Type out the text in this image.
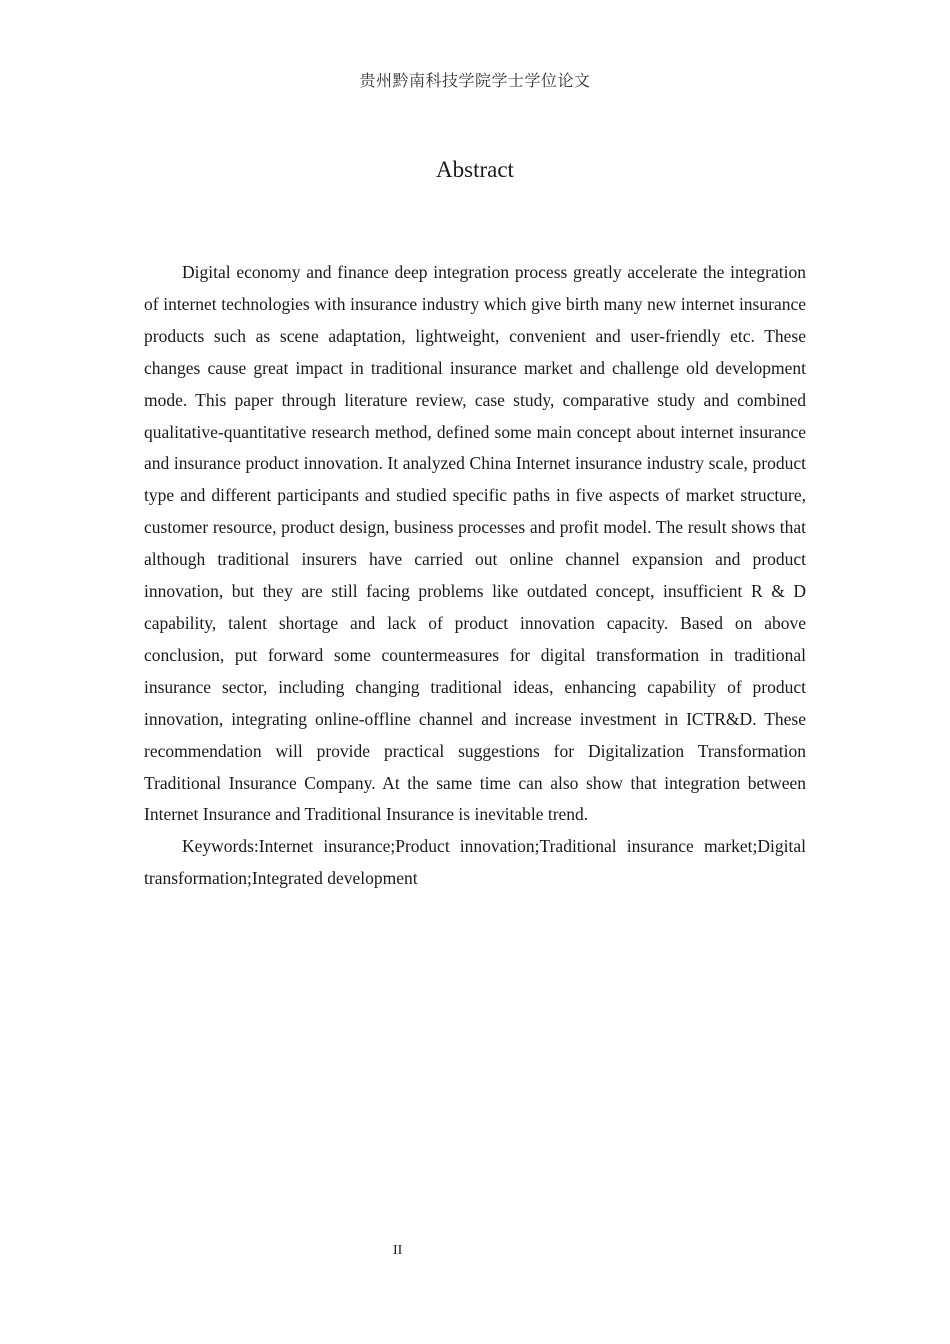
贵州黔南科技学院学士学位论文
Abstract

Digital economy and finance deep integration process greatly accelerate the integration of internet technologies with insurance industry which give birth many new internet insurance products such as scene adaptation, lightweight, convenient and user-friendly etc. These changes cause great impact in traditional insurance market and challenge old development mode. This paper through literature review, case study, comparative study and combined qualitative-quantitative research method, defined some main concept about internet insurance and insurance product innovation. It analyzed China Internet insurance industry scale, product type and different participants and studied specific paths in five aspects of market structure, customer resource, product design, business processes and profit model. The result shows that although traditional insurers have carried out online channel expansion and product innovation, but they are still facing problems like outdated concept, insufficient R & D capability, talent shortage and lack of product innovation capacity. Based on above conclusion, put forward some countermeasures for digital transformation in traditional insurance sector, including changing traditional ideas, enhancing capability of product innovation, integrating online-offline channel and increase investment in ICTR&D. These recommendation will provide practical suggestions for Digitalization Transformation Traditional Insurance Company. At the same time can also show that integration between Internet Insurance and Traditional Insurance is inevitable trend.

Keywords:Internet insurance;Product innovation;Traditional insurance market;Digital transformation;Integrated development

II
